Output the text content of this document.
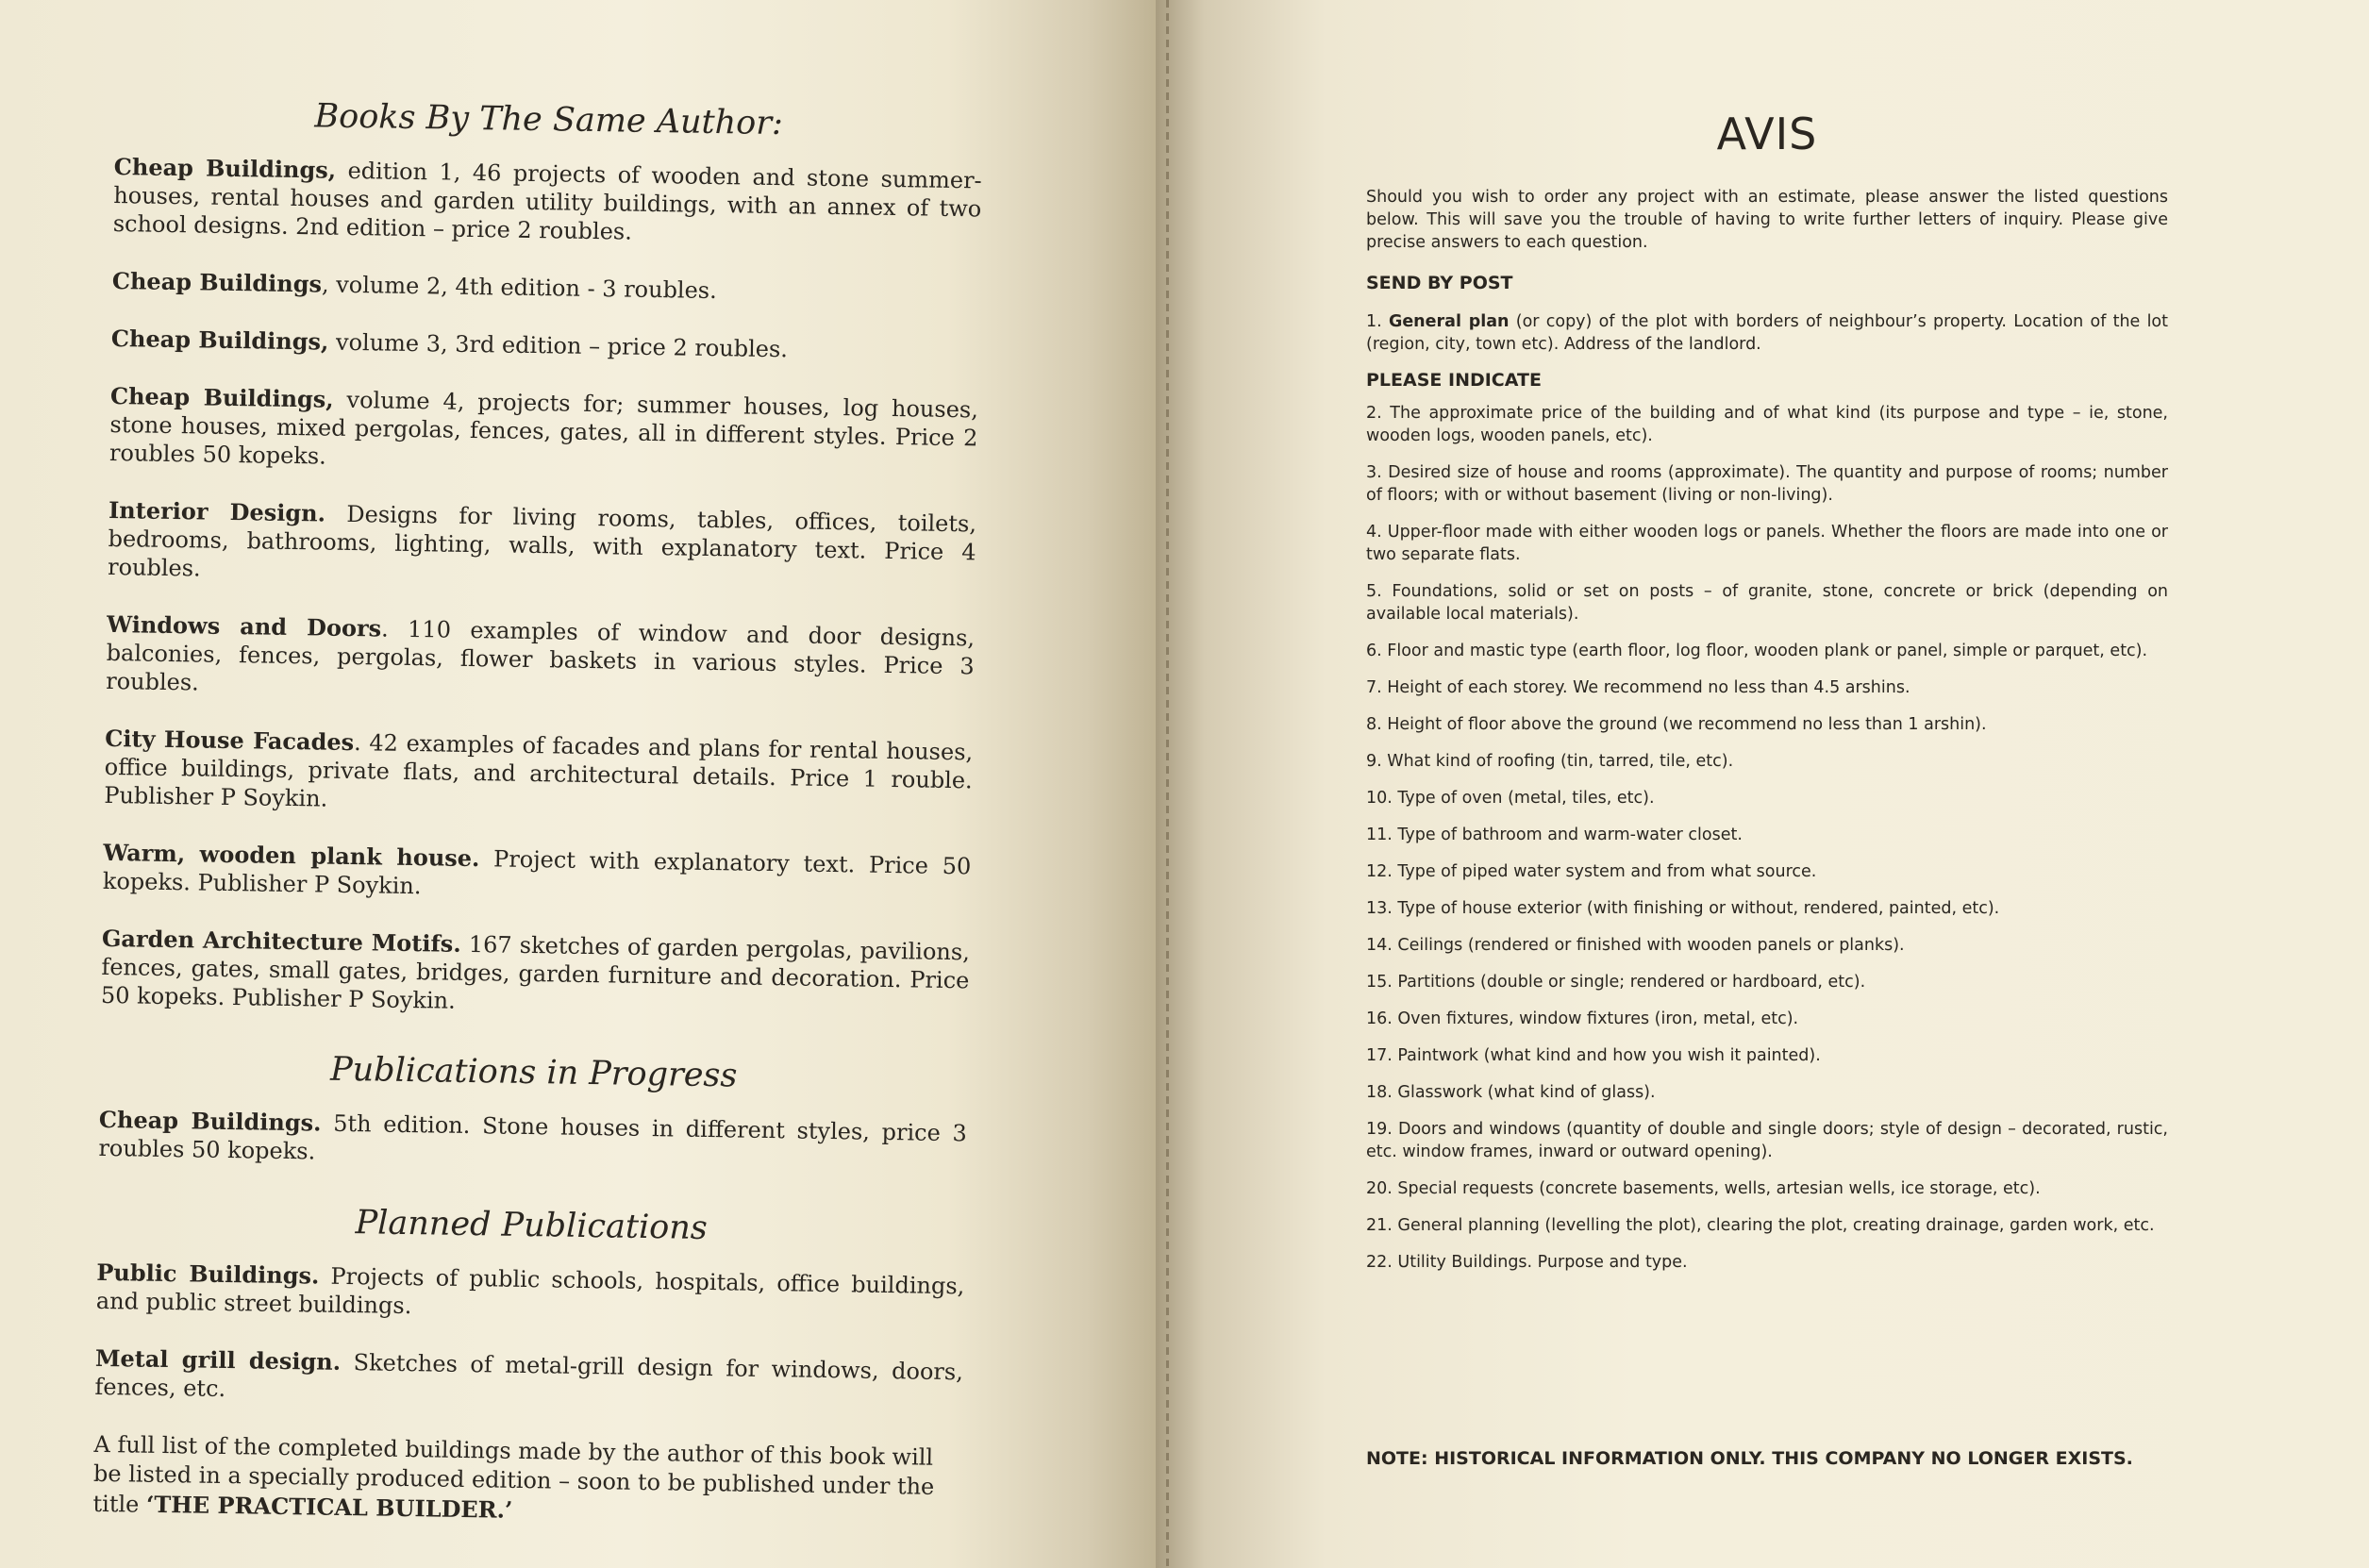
Books By The Same Author:

Cheap Buildings, edition 1, 46 projects of wooden and stone summer-houses, rental houses and garden utility buildings, with an annex of two school designs. 2nd edition – price 2 roubles.

Cheap Buildings, volume 2, 4th edition - 3 roubles.

Cheap Buildings, volume 3, 3rd edition – price 2 roubles.

Cheap Buildings, volume 4, projects for; summer houses, log houses, stone houses, mixed pergolas, fences, gates, all in different styles. Price 2 roubles 50 kopeks.

Interior Design. Designs for living rooms, tables, offices, toilets, bedrooms, bathrooms, lighting, walls, with explanatory text. Price 4 roubles.

Windows and Doors. 110 examples of window and door designs, balconies, fences, pergolas, flower baskets in various styles. Price 3 roubles.

City House Facades. 42 examples of facades and plans for rental houses, office buildings, private flats, and architectural details. Price 1 rouble. Publisher P Soykin.

Warm, wooden plank house. Project with explanatory text. Price 50 kopeks. Publisher P Soykin.

Garden Architecture Motifs. 167 sketches of garden pergolas, pavilions, fences, gates, small gates, bridges, garden furniture and decoration. Price 50 kopeks. Publisher P Soykin.

Publications in Progress

Cheap Buildings. 5th edition. Stone houses in different styles, price 3 roubles 50 kopeks.

Planned Publications

Public Buildings. Projects of public schools, hospitals, office buildings, and public street buildings.

Metal grill design. Sketches of metal-grill design for windows, doors, fences, etc.

A full list of the completed buildings made by the author of this book will be listed in a specially produced edition – soon to be published under the title ‘THE PRACTICAL BUILDER.’

AVIS

Should you wish to order any project with an estimate, please answer the listed questions below. This will save you the trouble of having to write further letters of inquiry. Please give precise answers to each question.

SEND BY POST

1. General plan (or copy) of the plot with borders of neighbour’s property. Location of the lot (region, city, town etc). Address of the landlord.

PLEASE INDICATE

2. The approximate price of the building and of what kind (its purpose and type – ie, stone, wooden logs, wooden panels, etc).

3. Desired size of house and rooms (approximate). The quantity and purpose of rooms; number of floors; with or without basement (living or non-living).

4. Upper-floor made with either wooden logs or panels. Whether the floors are made into one or two separate flats.

5. Foundations, solid or set on posts – of granite, stone, concrete or brick (depending on available local materials).

6. Floor and mastic type (earth floor, log floor, wooden plank or panel, simple or parquet, etc).

7. Height of each storey. We recommend no less than 4.5 arshins.

8. Height of floor above the ground (we recommend no less than 1 arshin).

9. What kind of roofing (tin, tarred, tile, etc).

10. Type of oven (metal, tiles, etc).

11. Type of bathroom and warm-water closet.

12. Type of piped water system and from what source.

13. Type of house exterior (with finishing or without, rendered, painted, etc).

14. Ceilings (rendered or finished with wooden panels or planks).

15. Partitions (double or single; rendered or hardboard, etc).

16. Oven fixtures, window fixtures (iron, metal, etc).

17. Paintwork (what kind and how you wish it painted).

18. Glasswork (what kind of glass).

19. Doors and windows (quantity of double and single doors; style of design – decorated, rustic, etc. window frames, inward or outward opening).

20. Special requests (concrete basements, wells, artesian wells, ice storage, etc).

21. General planning (levelling the plot), clearing the plot, creating drainage, garden work, etc.

22. Utility Buildings. Purpose and type.

NOTE: HISTORICAL INFORMATION ONLY. THIS COMPANY NO LONGER EXISTS.
